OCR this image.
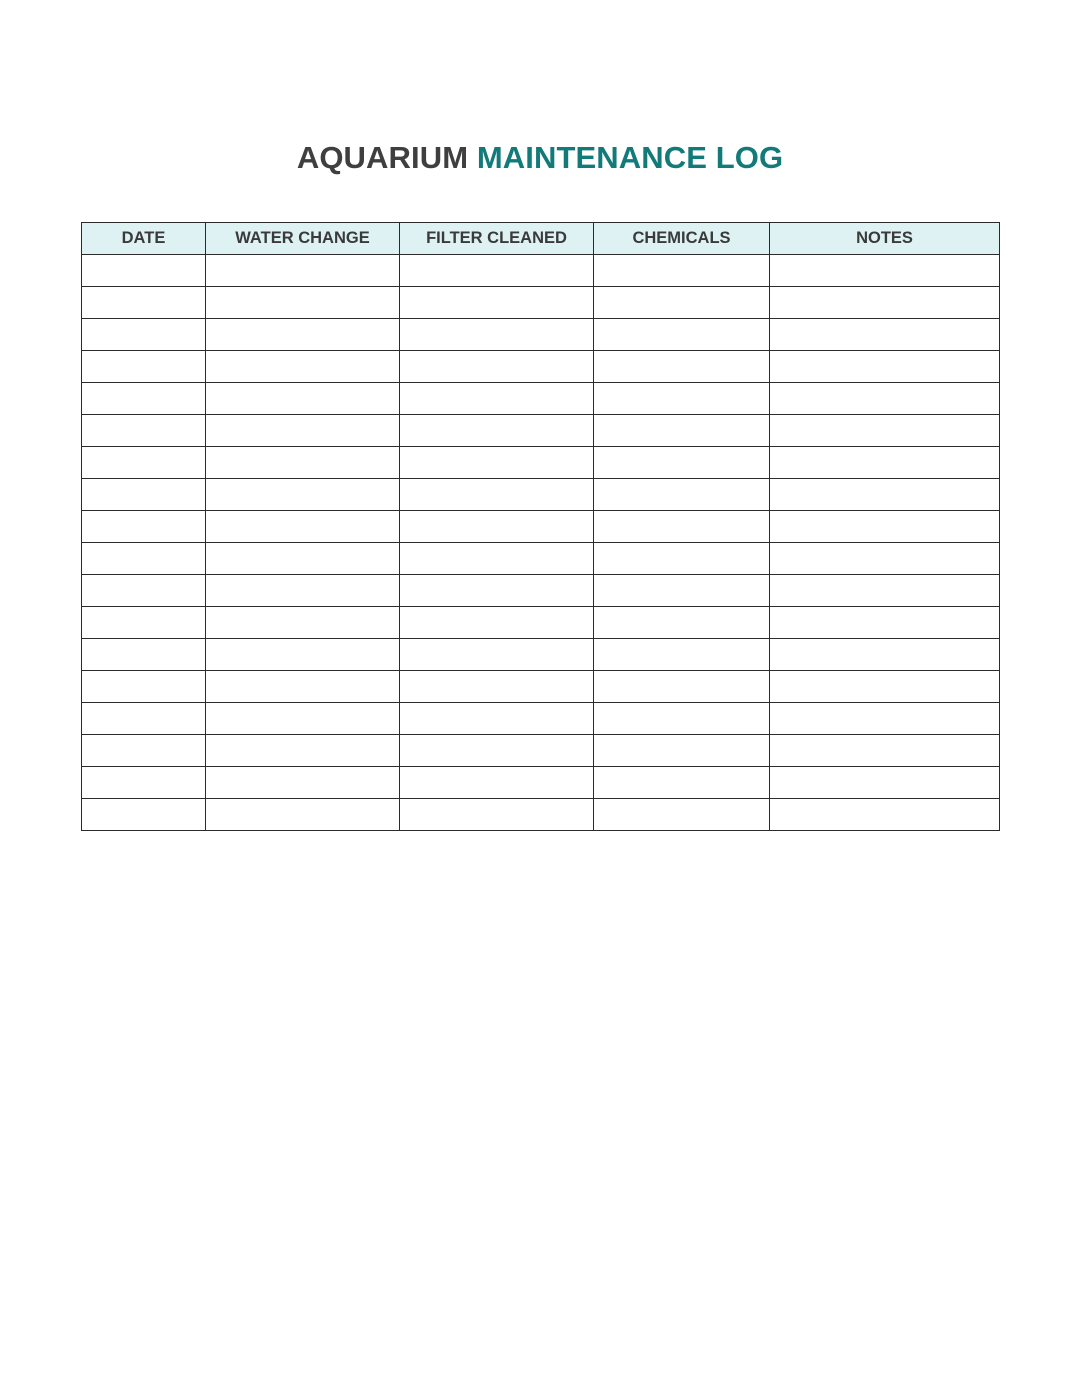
AQUARIUM MAINTENANCE LOG
DATE	WATER CHANGE	FILTER CLEANED	CHEMICALS	NOTES
